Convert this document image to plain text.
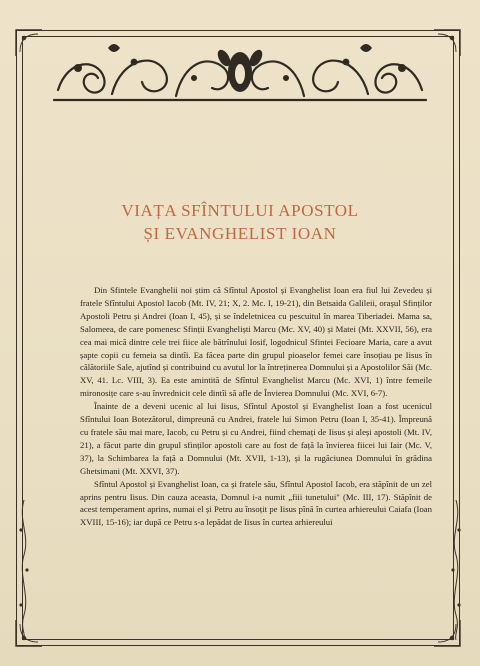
VIAȚA SFÎNTULUI APOSTOL
ȘI EVANGHELIST IOAN

Din Sfintele Evanghelii noi știm că Sfîntul Apostol și Evanghelist Ioan era fiul lui Zevedeu și fratele Sfîntului Apostol Iacob (Mt. IV, 21; X, 2. Mc. I, 19-21), din Betsaida Galileii, orașul Sfinților Apostoli Petru și Andrei (Ioan I, 45), și se îndeletnicea cu pescuitul în marea Tiberiadei. Mama sa, Salomeea, de care pomenesc Sfinții Evangheliști Marcu (Mc. XV, 40) și Matei (Mt. XXVII, 56), era cea mai mică dintre cele trei fiice ale bătrînului Iosif, logodnicul Sfintei Fecioare Maria, care a avut șapte copii cu femeia sa dintîi. Ea făcea parte din grupul pioaselor femei care însoțiau pe Iisus în călătoriile Sale, ajutînd și contribuind cu avutul lor la întreținerea Domnului și a Apostolilor Săi (Mc. XV, 41. Lc. VIII, 3). Ea este amintită de Sfîntul Evanghelist Marcu (Mc. XVI, 1) între femeile mironosițe care s-au învrednicit cele dintîi să afle de Învierea Domnului (Mc. XVI, 6-7).

Înainte de a deveni ucenic al lui Iisus, Sfîntul Apostol și Evanghelist Ioan a fost ucenicul Sfîntului Ioan Botezătorul, dimpreună cu Andrei, fratele lui Simon Petru (Ioan I, 35-41). Împreună cu fratele său mai mare, Iacob, cu Petru și cu Andrei, fiind chemați de Iisus și aleși apostoli (Mt. IV, 21), a făcut parte din grupul sfinților apostoli care au fost de față la învierea fiicei lui Iair (Mc. V, 37), la Schimbarea la față a Domnului (Mt. XVII, 1-13), și la rugăciunea Domnului în grădina Ghetsimani (Mt. XXVI, 37).

Sfîntul Apostol și Evanghelist Ioan, ca și fratele său, Sfîntul Apostol Iacob, era stăpînit de un zel aprins pentru Iisus. Din cauza aceasta, Domnul i-a numit „fiii tunetului" (Mc. III, 17). Stăpînit de acest temperament aprins, numai el și Petru au însoțit pe Iisus pînă în curtea arhiereului Caiafa (Ioan XVIII, 15-16); iar după ce Petru s-a lepădat de Iisus în curtea arhiereului
